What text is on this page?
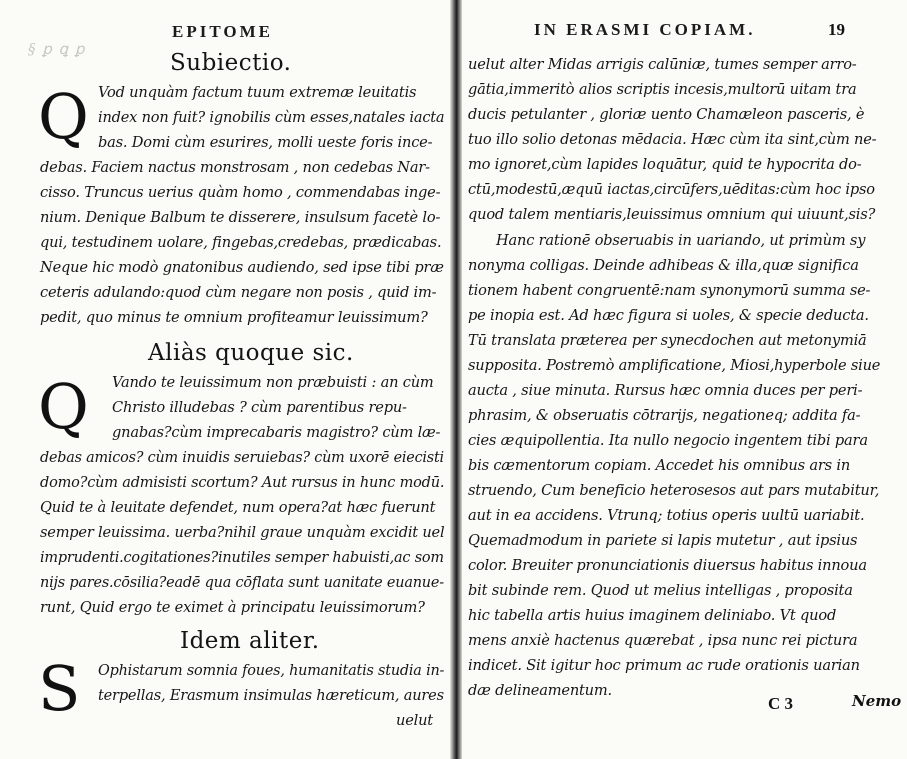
§ ꝑ ꝗ ꝑ
EPITOME
Subiectio.
Q Vod unquàm factum tuum extremæ leuitatis
index non fuit? ignobilis cùm esses,natales iacta
bas. Domi cùm esurires, molli ueste foris ince-
debas. Faciem nactus monstrosam , non cedebas Nar-
cisso. Truncus uerius quàm homo , commendabas inge-
nium. Denique Balbum te disserere, insulsum facetè lo-
qui, testudinem uolare, fingebas,credebas, prædicabas.
Neque hic modò gnatonibus audiendo, sed ipse tibi præ
ceteris adulando:quod cùm negare non posis , quid im-
pedit, quo minus te omnium profiteamur leuissimum?
Aliàs quoque sic.
Q Vando te leuissimum non præbuisti : an cùm
Christo illudebas ? cùm parentibus repu-
gnabas?cùm imprecabaris magistro? cùm læ-
debas amicos? cùm inuidis seruiebas? cùm uxorē eiecisti
domo?cùm admisisti scortum? Aut rursus in hunc modū.
Quid te à leuitate defendet, num opera?at hæc fuerunt
semper leuissima. uerba?nihil graue unquàm excidit uel
imprudenti.cogitationes?inutiles semper habuisti,ac som
nijs pares.cōsilia?eadē qua cōflata sunt uanitate euanue-
runt, Quid ergo te eximet à principatu leuissimorum?
Idem aliter.
S Ophistarum somnia foues, humanitatis studia in-
terpellas, Erasmum insimulas hæreticum, aures
uelut
IN ERASMI COPIAM.	19
uelut alter Midas arrigis calūniæ, tumes semper arro-
gātia,immeritò alios scriptis incesis,multorū uitam tra
ducis petulanter , gloriæ uento Chamæleon pasceris, è
tuo illo solio detonas mēdacia. Hæc cùm ita sint,cùm ne-
mo ignoret,cùm lapides loquātur, quid te hypocrita do-
ctū,modestū,æquū iactas,circūfers,uēditas:cùm hoc ipso
quod talem mentiaris,leuissimus omnium qui uiuunt,sis?
Hanc rationē obseruabis in uariando, ut primùm sy
nonyma colligas. Deinde adhibeas & illa,quæ significa
tionem habent congruentē:nam synonymorū summa se-
pe inopia est. Ad hæc figura si uoles, & specie deducta.
Tū translata præterea per synecdochen aut metonymiā
supposita. Postremò amplificatione, Miosi,hyperbole siue
aucta , siue minuta. Rursus hæc omnia duces per peri-
phrasim, & obseruatis cōtrarijs, negationeq; addita fa-
cies æquipollentia. Ita nullo negocio ingentem tibi para
bis cæmentorum copiam. Accedet his omnibus ars in
struendo, Cum beneficio heterosesos aut pars mutabitur,
aut in ea accidens. Vtrunq; totius operis uultū uariabit.
Quemadmodum in pariete si lapis mutetur , aut ipsius
color. Breuiter pronunciationis diuersus habitus innoua
bit subinde rem. Quod ut melius intelligas , proposita
hic tabella artis huius imaginem deliniabo. Vt quod
mens anxiè hactenus quærebat , ipsa nunc rei pictura
indicet. Sit igitur hoc primum ac rude orationis uarian
dæ delineamentum.
C 3	Nemo
